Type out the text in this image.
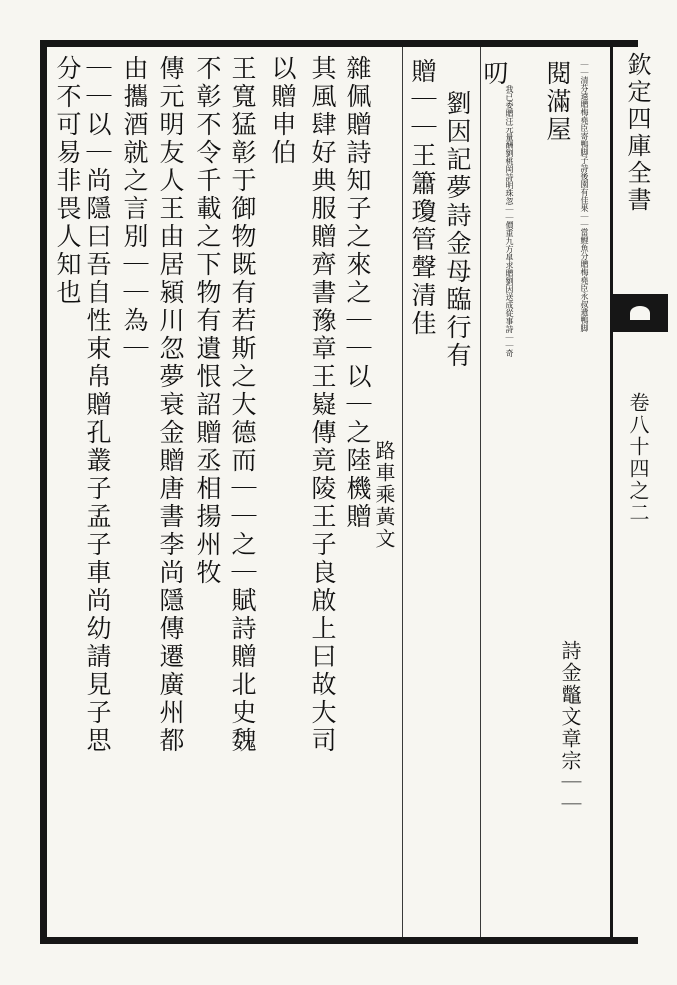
欽定四庫全書
卷八十四之二
｜｜清芬遠贈梅堯臣寄鴨脚子詩後園有佳果｜｜當鯉魚分贈梅堯臣永叔遺鴨脚
閱滿屋
我已委贈汪元量酬劉桃岡詩明珠忽｜｜價重九方皐求贈劉因送成從事詩｜｜奇
叨
劉因記夢詩金母臨行有
贈｜｜王簫瓊管聲清佳
雜佩贈詩知子之來之｜｜以｜之陸機贈
其風肆好典服贈齊書豫章王嶷傳竟陵王子良啟上曰故大司
以贈申伯
王寬猛彰于御物既有若斯之大德而｜｜之｜賦詩贈北史魏
不彰不令千載之下物有遺恨詔贈丞相揚州牧
傳元明友人王由居潁川忽夢衰金贈唐書李尚隱傳遷廣州都
由攜酒就之言別｜｜為｜
｜｜以｜尚隱曰吾自性束帛贈孔叢子孟子車尚幼請見子思
分不可易非畏人知也
詩金鼈文章宗｜｜
路車乘黃文
